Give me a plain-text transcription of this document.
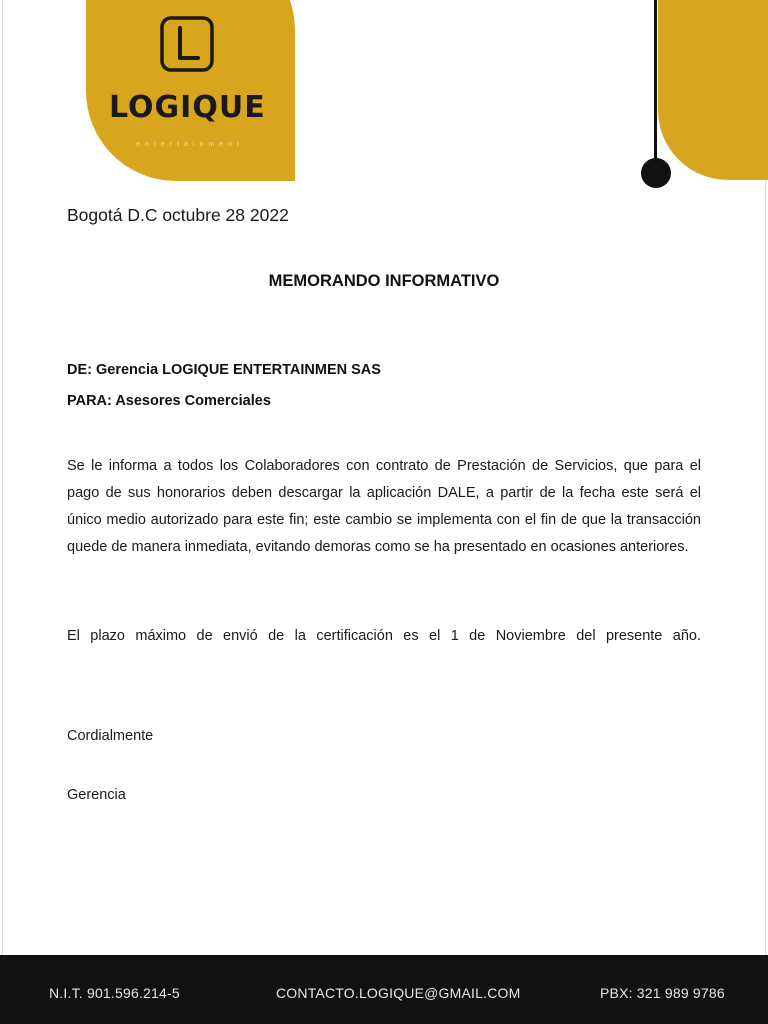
LOGIQUE
entertainment
Bogotá D.C octubre 28 2022
MEMORANDO INFORMATIVO
DE: Gerencia LOGIQUE ENTERTAINMEN SAS
PARA: Asesores Comerciales
Se le informa a todos los Colaboradores con contrato de Prestación de Servicios, que para el pago de sus honorarios deben descargar la aplicación DALE, a partir de la fecha este será el único medio autorizado para este fin; este cambio se implementa con el fin de que la transacción quede de manera inmediata, evitando demoras como se ha presentado en ocasiones anteriores.
El plazo máximo de envió de la certificación es el 1 de Noviembre del presente año.
Cordialmente
Gerencia
N.I.T. 901.596.214-5	CONTACTO.LOGIQUE@GMAIL.COM	PBX: 321 989 9786
